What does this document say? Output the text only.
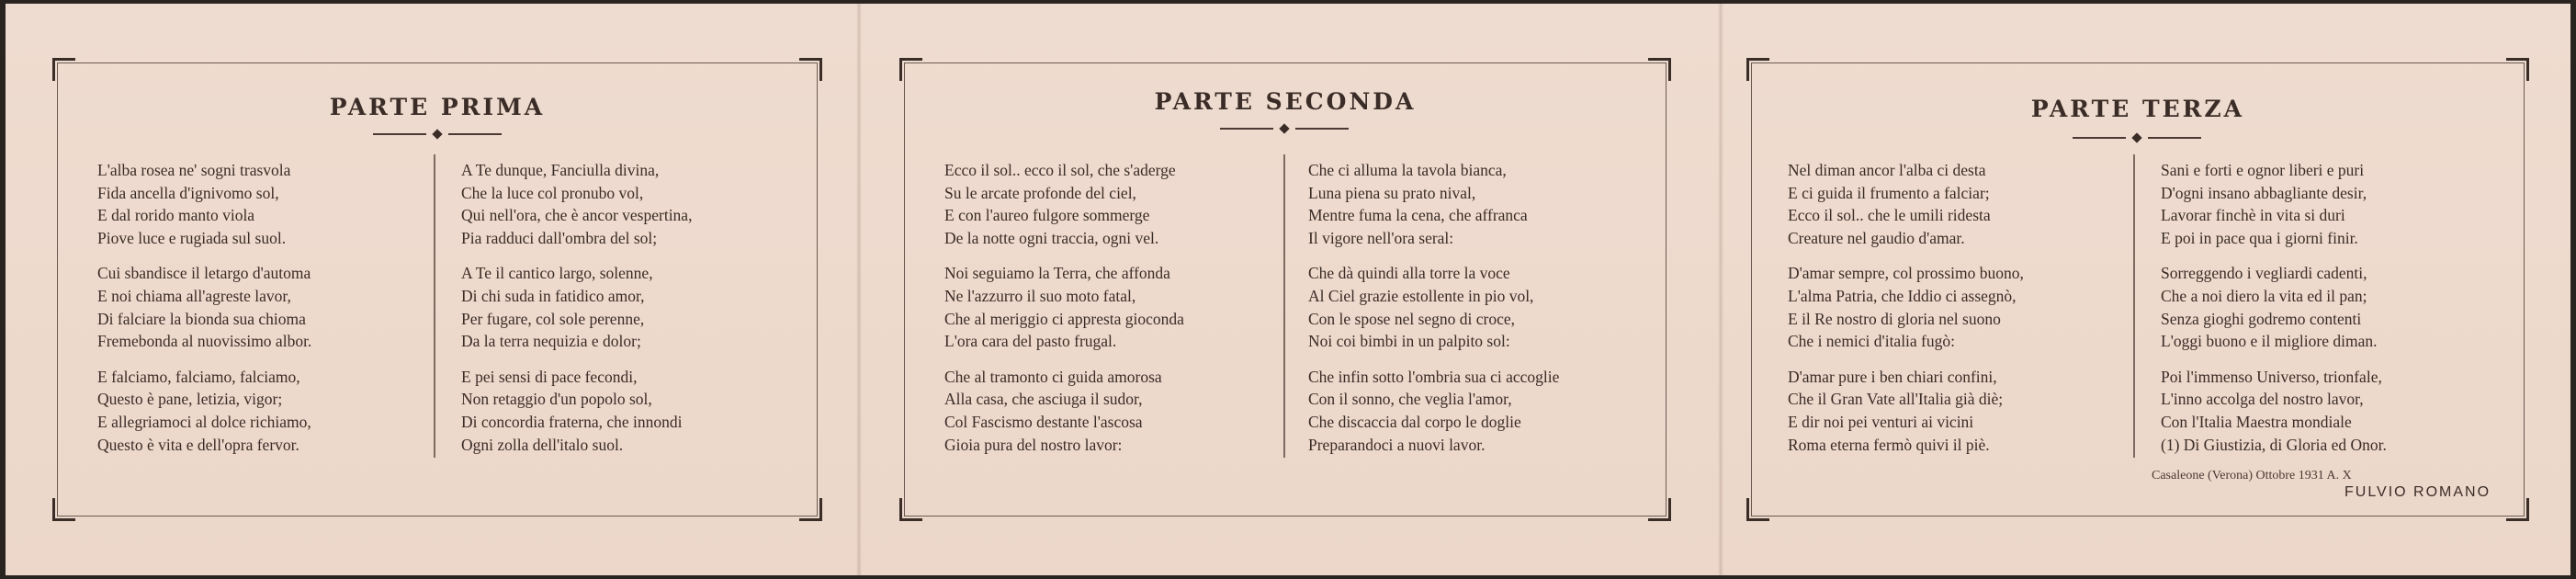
PARTE PRIMA
L'alba rosea ne' sogni trasvola
Fida ancella d'ignivomo sol,
E dal rorido manto viola
Piove luce e rugiada sul suol.
Cui sbandisce il letargo d'automa
E noi chiama all'agreste lavor,
Di falciare la bionda sua chioma
Fremebonda al nuovissimo albor.
E falciamo, falciamo, falciamo,
Questo è pane, letizia, vigor;
E allegriamoci al dolce richiamo,
Questo è vita e dell'opra fervor.
A Te dunque, Fanciulla divina,
Che la luce col pronubo vol,
Qui nell'ora, che è ancor vespertina,
Pia radduci dall'ombra del sol;
A Te il cantico largo, solenne,
Di chi suda in fatidico amor,
Per fugare, col sole perenne,
Da la terra nequizia e dolor;
E pei sensi di pace fecondi,
Non retaggio d'un popolo sol,
Di concordia fraterna, che innondi
Ogni zolla dell'italo suol.
PARTE SECONDA
Ecco il sol.. ecco il sol, che s'aderge
Su le arcate profonde del ciel,
E con l'aureo fulgore sommerge
De la notte ogni traccia, ogni vel.
Noi seguiamo la Terra, che affonda
Ne l'azzurro il suo moto fatal,
Che al meriggio ci appresta gioconda
L'ora cara del pasto frugal.
Che al tramonto ci guida amorosa
Alla casa, che asciuga il sudor,
Col Fascismo destante l'ascosa
Gioia pura del nostro lavor:
Che ci alluma la tavola bianca,
Luna piena su prato nival,
Mentre fuma la cena, che affranca
Il vigore nell'ora seral:
Che dà quindi alla torre la voce
Al Ciel grazie estollente in pio vol,
Con le spose nel segno di croce,
Noi coi bimbi in un palpito sol:
Che infin sotto l'ombria sua ci accoglie
Con il sonno, che veglia l'amor,
Che discaccia dal corpo le doglie
Preparandoci a nuovi lavor.
PARTE TERZA
Nel diman ancor l'alba ci desta
E ci guida il frumento a falciar;
Ecco il sol.. che le umili ridesta
Creature nel gaudio d'amar.
D'amar sempre, col prossimo buono,
L'alma Patria, che Iddio ci assegnò,
E il Re nostro di gloria nel suono
Che i nemici d'italia fugò:
D'amar pure i ben chiari confini,
Che il Gran Vate all'Italia già diè;
E dir noi pei venturi ai vicini
Roma eterna fermò quivi il piè.
Sani e forti e ognor liberi e puri
D'ogni insano abbagliante desir,
Lavorar finchè in vita si duri
E poi in pace qua i giorni finir.
Sorreggendo i vegliardi cadenti,
Che a noi diero la vita ed il pan;
Senza gioghi godremo contenti
L'oggi buono e il migliore diman.
Poi l'immenso Universo, trionfale,
L'inno accolga del nostro lavor,
Con l'Italia Maestra mondiale
(1) Di Giustizia, di Gloria ed Onor.
Casaleone (Verona) Ottobre 1931 A. X
FULVIO ROMANO
